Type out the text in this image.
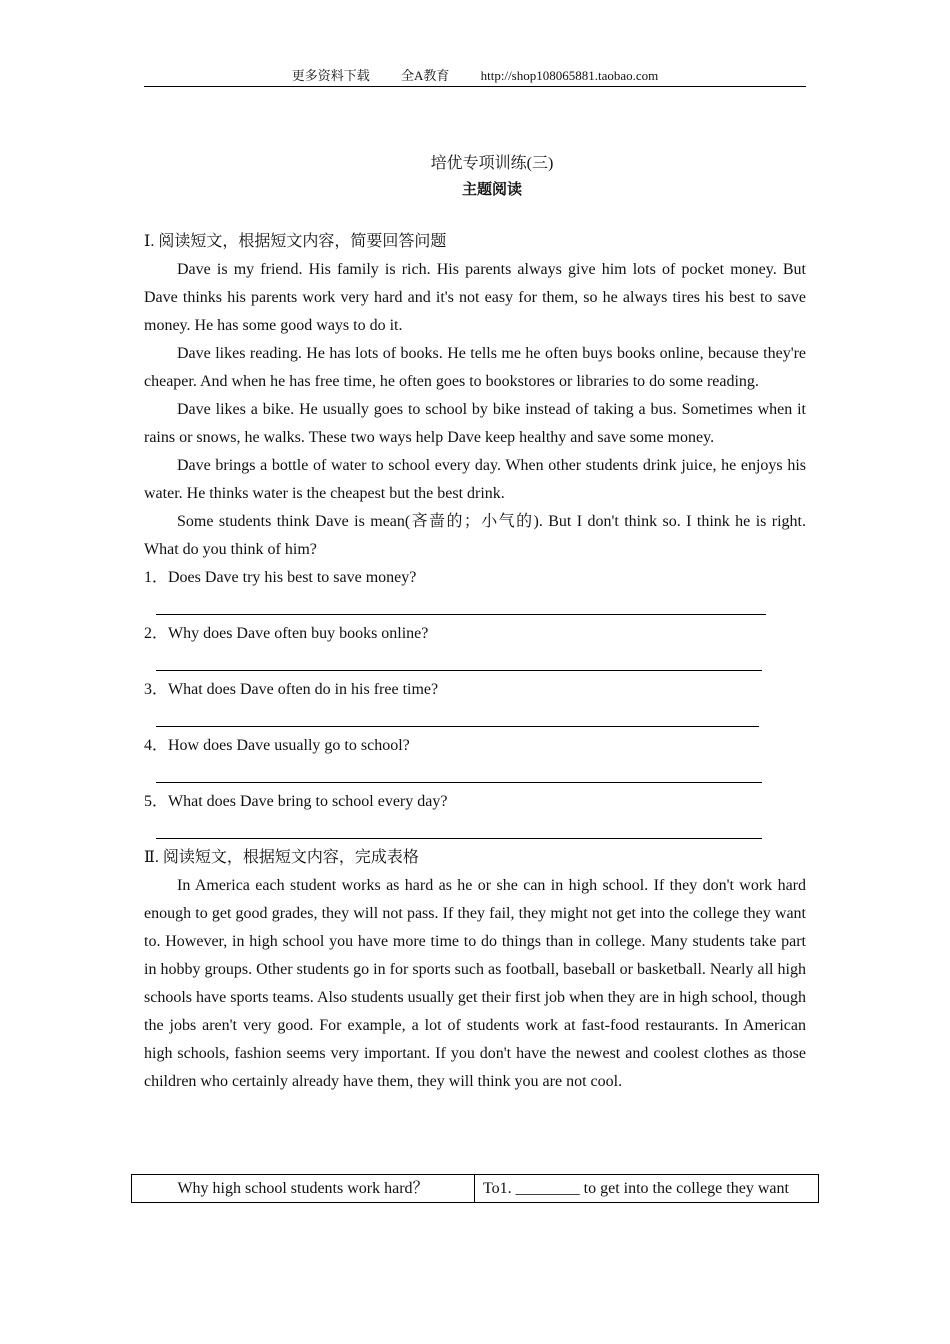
更多资料下载 全A教育 http://shop108065881.taobao.com
培优专项训练(三)
主题阅读
Ⅰ. 阅读短文，根据短文内容，简要回答问题

Dave is my friend. His family is rich. His parents always give him lots of pocket money. But Dave thinks his parents work very hard and it's not easy for them, so he always tires his best to save money. He has some good ways to do it.

Dave likes reading. He has lots of books. He tells me he often buys books online, because they're cheaper. And when he has free time, he often goes to bookstores or libraries to do some reading.

Dave likes a bike. He usually goes to school by bike instead of taking a bus. Sometimes when it rains or snows, he walks. These two ways help Dave keep healthy and save some money.

Dave brings a bottle of water to school every day. When other students drink juice, he enjoys his water. He thinks water is the cheapest but the best drink.

Some students think Dave is mean(吝啬的；小气的). But I don't think so. I think he is right. What do you think of him?

1．Does Dave try his best to save money?
2．Why does Dave often buy books online?
3．What does Dave often do in his free time?
4．How does Dave usually go to school?
5．What does Dave bring to school every day?
Ⅱ. 阅读短文，根据短文内容，完成表格

In America each student works as hard as he or she can in high school. If they don't work hard enough to get good grades, they will not pass. If they fail, they might not get into the college they want to. However, in high school you have more time to do things than in college. Many students take part in hobby groups. Other students go in for sports such as football, baseball or basketball. Nearly all high schools have sports teams. Also students usually get their first job when they are in high school, though the jobs aren't very good. For example, a lot of students work at fast-food restaurants. In American high schools, fashion seems very important. If you don't have the newest and coolest clothes as those children who certainly already have them, they will think you are not cool.

Why high school students work hard？	To1. ________ to get into the college they want
